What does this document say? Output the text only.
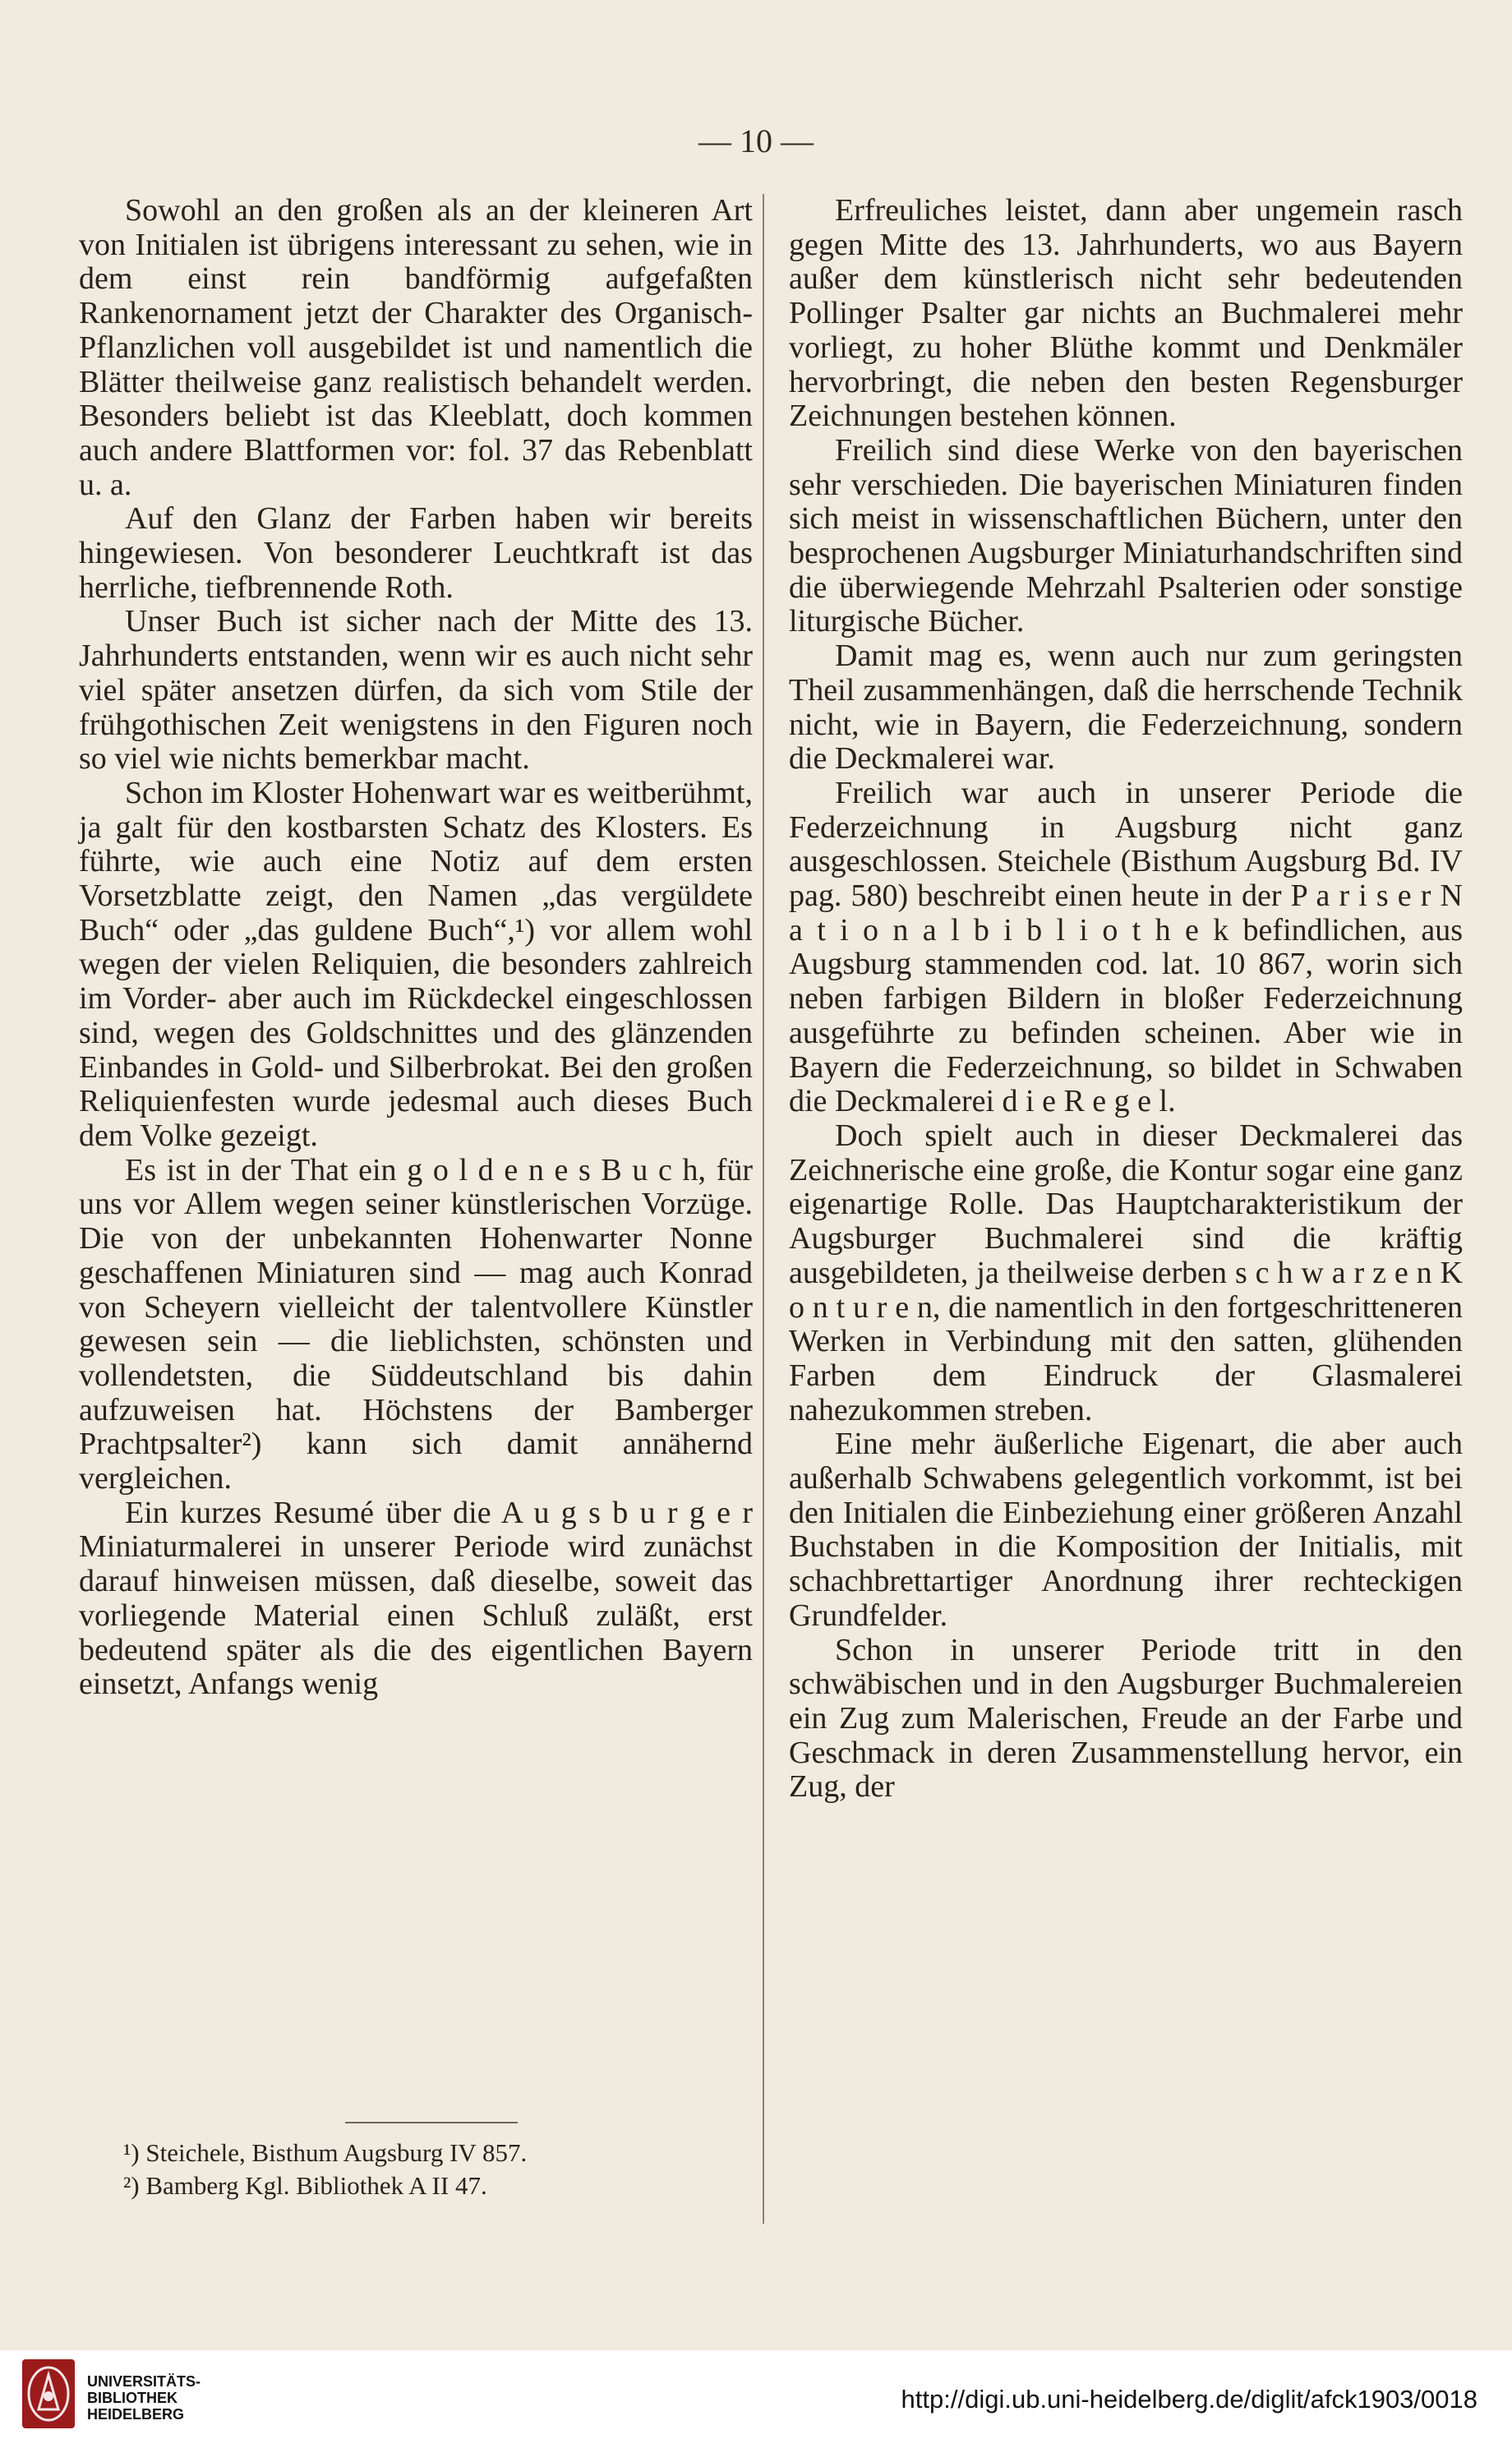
— 10 —

Sowohl an den großen als an der kleineren Art von Initialen ist übrigens interessant zu sehen, wie in dem einst rein bandförmig aufgefaßten Rankenornament jetzt der Charakter des Organisch-Pflanzlichen voll ausgebildet ist und namentlich die Blätter theilweise ganz realistisch behandelt werden. Besonders beliebt ist das Kleeblatt, doch kommen auch andere Blattformen vor: fol. 37 das Rebenblatt u. a.

Auf den Glanz der Farben haben wir bereits hingewiesen. Von besonderer Leuchtkraft ist das herrliche, tiefbrennende Roth.

Unser Buch ist sicher nach der Mitte des 13. Jahrhunderts entstanden, wenn wir es auch nicht sehr viel später ansetzen dürfen, da sich vom Stile der frühgothischen Zeit wenigstens in den Figuren noch so viel wie nichts bemerkbar macht.

Schon im Kloster Hohenwart war es weitberühmt, ja galt für den kostbarsten Schatz des Klosters. Es führte, wie auch eine Notiz auf dem ersten Vorsetzblatte zeigt, den Namen „das vergüldete Buch“ oder „das guldene Buch“,¹) vor allem wohl wegen der vielen Reliquien, die besonders zahlreich im Vorder- aber auch im Rückdeckel eingeschlossen sind, wegen des Goldschnittes und des glänzenden Einbandes in Gold- und Silberbrokat. Bei den großen Reliquienfesten wurde jedesmal auch dieses Buch dem Volke gezeigt.

Es ist in der That ein g o l d e n e s B u c h, für uns vor Allem wegen seiner künstlerischen Vorzüge. Die von der unbekannten Hohenwarter Nonne geschaffenen Miniaturen sind — mag auch Konrad von Scheyern vielleicht der talentvollere Künstler gewesen sein — die lieblichsten, schönsten und vollendetsten, die Süddeutschland bis dahin aufzuweisen hat. Höchstens der Bamberger Prachtpsalter²) kann sich damit annähernd vergleichen.

Ein kurzes Resumé über die A u g s b u r g e r Miniaturmalerei in unserer Periode wird zunächst darauf hinweisen müssen, daß dieselbe, soweit das vorliegende Material einen Schluß zuläßt, erst bedeutend später als die des eigentlichen Bayern einsetzt, Anfangs wenig

Erfreuliches leistet, dann aber ungemein rasch gegen Mitte des 13. Jahrhunderts, wo aus Bayern außer dem künstlerisch nicht sehr bedeutenden Pollinger Psalter gar nichts an Buchmalerei mehr vorliegt, zu hoher Blüthe kommt und Denkmäler hervorbringt, die neben den besten Regensburger Zeichnungen bestehen können.

Freilich sind diese Werke von den bayerischen sehr verschieden. Die bayerischen Miniaturen finden sich meist in wissenschaftlichen Büchern, unter den besprochenen Augsburger Miniaturhandschriften sind die überwiegende Mehrzahl Psalterien oder sonstige liturgische Bücher.

Damit mag es, wenn auch nur zum geringsten Theil zusammenhängen, daß die herrschende Technik nicht, wie in Bayern, die Federzeichnung, sondern die Deckmalerei war.

Freilich war auch in unserer Periode die Federzeichnung in Augsburg nicht ganz ausgeschlossen. Steichele (Bisthum Augsburg Bd. IV pag. 580) beschreibt einen heute in der P a r i s e r N a t i o n a l b i b l i o t h e k befindlichen, aus Augsburg stammenden cod. lat. 10 867, worin sich neben farbigen Bildern in bloßer Federzeichnung ausgeführte zu befinden scheinen. Aber wie in Bayern die Federzeichnung, so bildet in Schwaben die Deckmalerei d i e R e g e l.

Doch spielt auch in dieser Deckmalerei das Zeichnerische eine große, die Kontur sogar eine ganz eigenartige Rolle. Das Hauptcharakteristikum der Augsburger Buchmalerei sind die kräftig ausgebildeten, ja theilweise derben s c h w a r z e n K o n t u r e n, die namentlich in den fortgeschritteneren Werken in Verbindung mit den satten, glühenden Farben dem Eindruck der Glasmalerei nahezukommen streben.

Eine mehr äußerliche Eigenart, die aber auch außerhalb Schwabens gelegentlich vorkommt, ist bei den Initialen die Einbeziehung einer größeren Anzahl Buchstaben in die Komposition der Initialis, mit schachbrettartiger Anordnung ihrer rechteckigen Grundfelder.

Schon in unserer Periode tritt in den schwäbischen und in den Augsburger Buchmalereien ein Zug zum Malerischen, Freude an der Farbe und Geschmack in deren Zusammenstellung hervor, ein Zug, der

¹) Steichele, Bisthum Augsburg IV 857.
²) Bamberg Kgl. Bibliothek A II 47.
UNIVERSITÄTS-
BIBLIOTHEK
HEIDELBERG
http://digi.ub.uni-heidelberg.de/diglit/afck1903/0018
